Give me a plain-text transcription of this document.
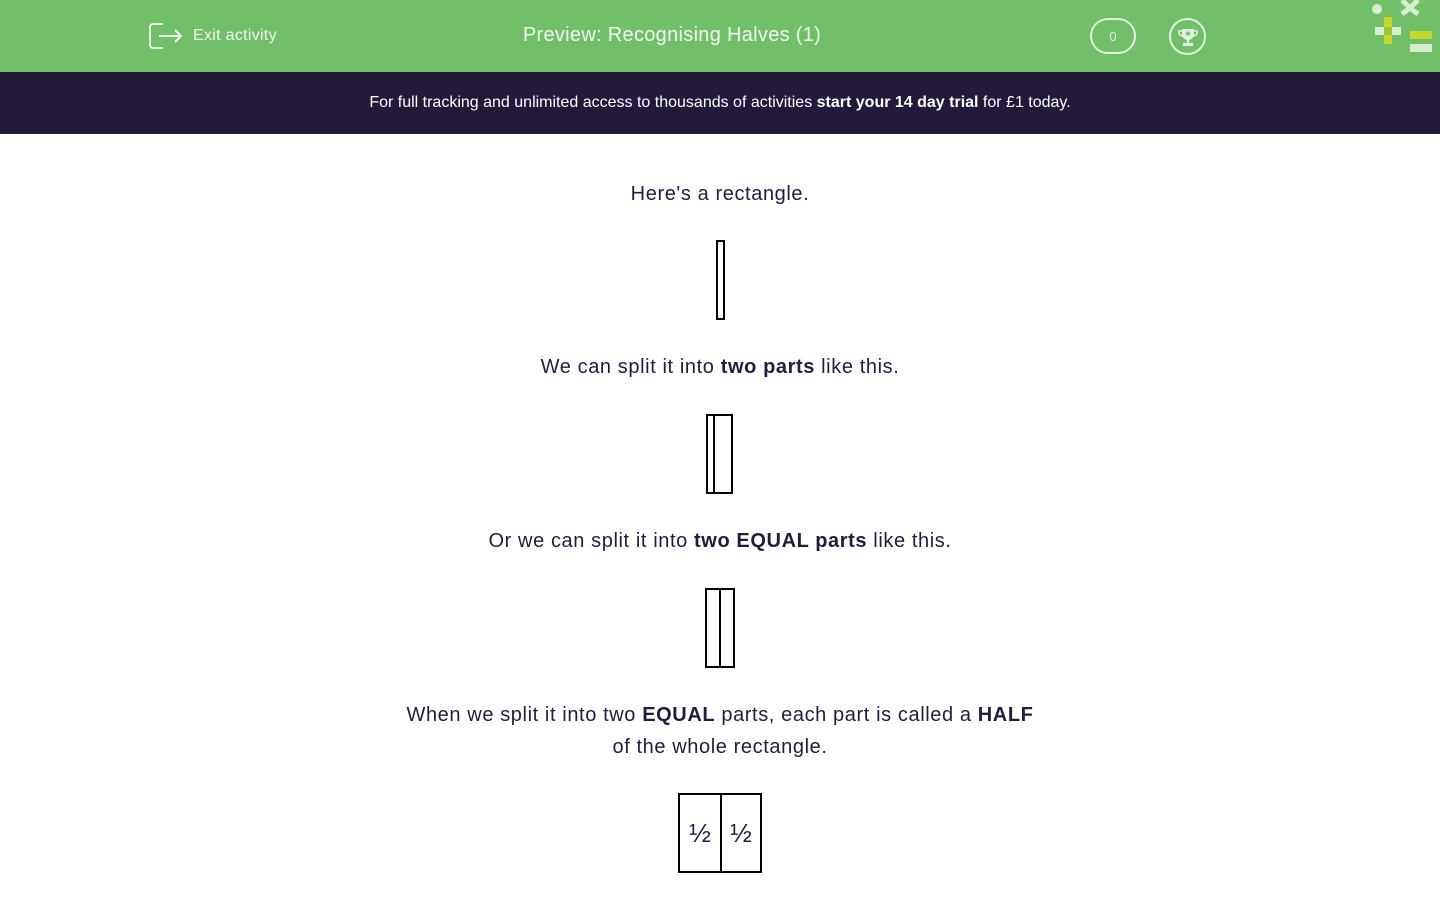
Exit activity	Preview: Recognising Halves (1)	0
For full tracking and unlimited access to thousands of activities start your 14 day trial for £1 today.
Here's a rectangle.
We can split it into two parts like this.
Or we can split it into two EQUAL parts like this.
When we split it into two EQUAL parts, each part is called a HALF
of the whole rectangle.
½ ½
